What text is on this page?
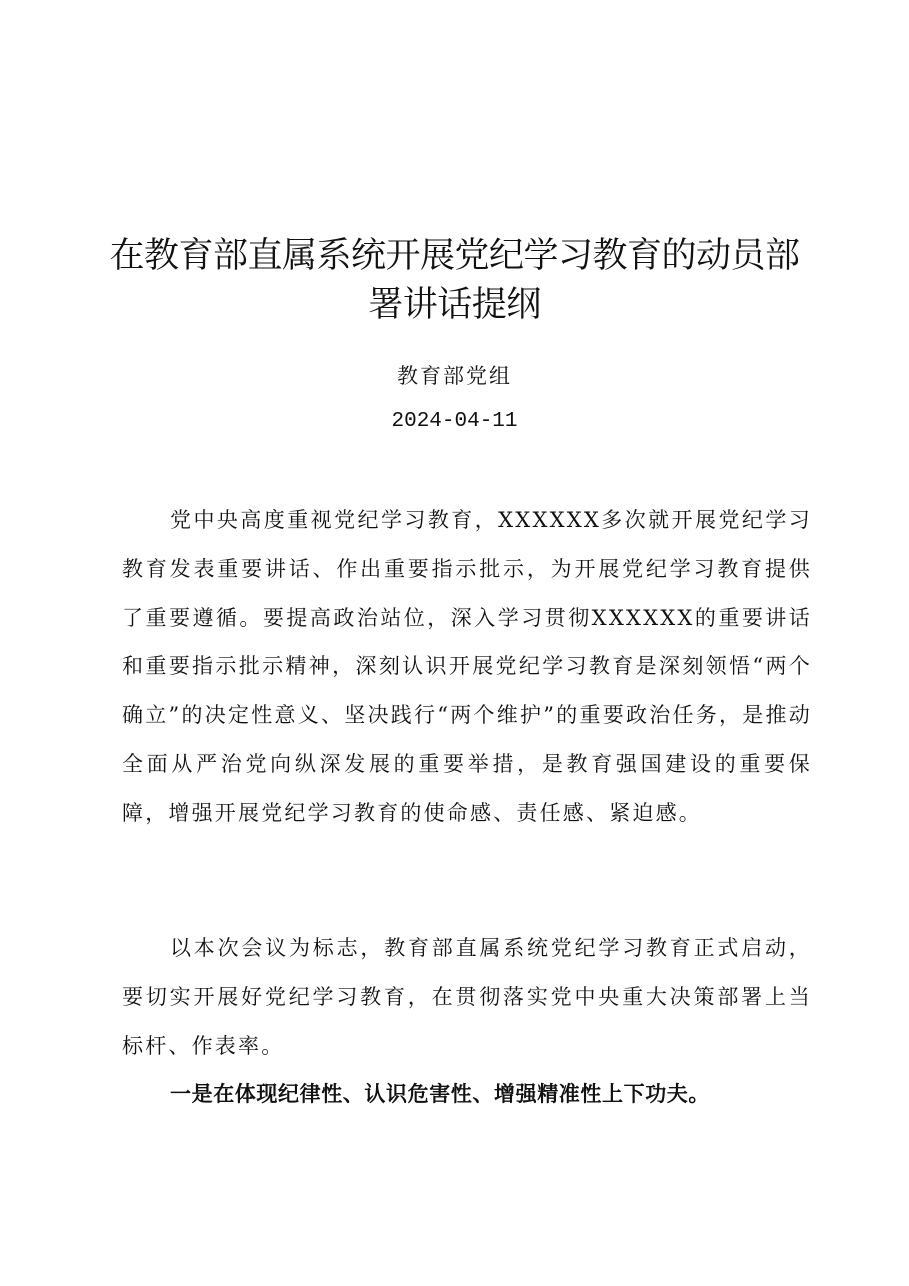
在教育部直属系统开展党纪学习教育的动员部署讲话提纲
教育部党组
2024-04-11

党中央高度重视党纪学习教育，XXXXXX多次就开展党纪学习教育发表重要讲话、作出重要指示批示，为开展党纪学习教育提供了重要遵循。要提高政治站位，深入学习贯彻XXXXXX的重要讲话和重要指示批示精神，深刻认识开展党纪学习教育是深刻领悟“两个确立”的决定性意义、坚决践行“两个维护”的重要政治任务，是推动全面从严治党向纵深发展的重要举措，是教育强国建设的重要保障，增强开展党纪学习教育的使命感、责任感、紧迫感。

以本次会议为标志，教育部直属系统党纪学习教育正式启动，要切实开展好党纪学习教育，在贯彻落实党中央重大决策部署上当标杆、作表率。

一是在体现纪律性、认识危害性、增强精准性上下功夫。
